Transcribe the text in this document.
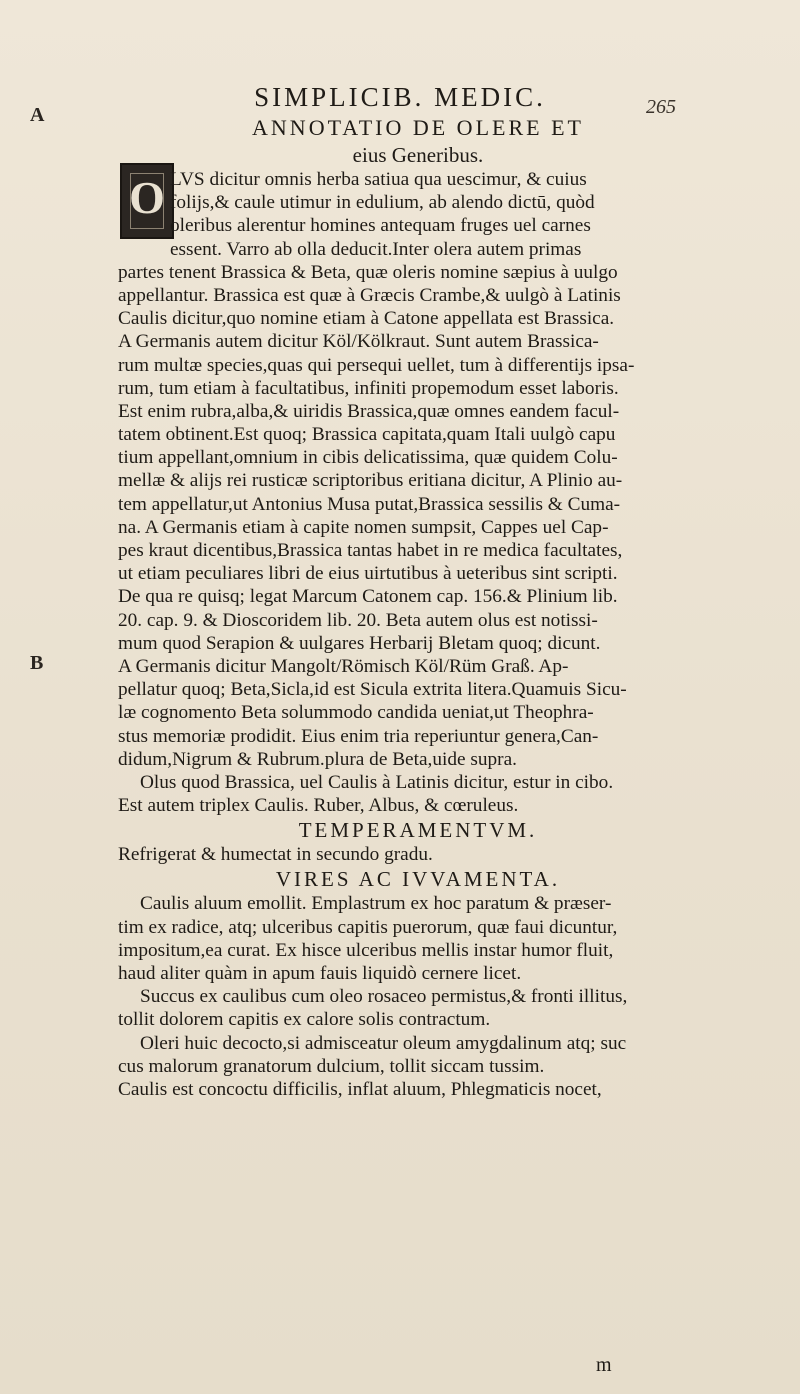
A
B
SIMPLICIB. MEDIC.	265
O
ANNOTATIO DE OLERE ET
eius Generibus.
LVS dicitur omnis herba satiua qua uescimur, & cuius
folijs,& caule utimur in edulium, ab alendo dictū, quòd
oleribus alerentur homines antequam fruges uel carnes
essent. Varro ab olla deducit.Inter olera autem primas
partes tenent Brassica & Beta, quæ oleris nomine sæpius à uulgo
appellantur. Brassica est quæ à Græcis Crambe,& uulgò à Latinis
Caulis dicitur,quo nomine etiam à Catone appellata est Brassica.
A Germanis autem dicitur Köl/Kölkraut. Sunt autem Brassica-
rum multæ species,quas qui persequi uellet, tum à differentijs ipsa-
rum, tum etiam à facultatibus, infiniti propemodum esset laboris.
Est enim rubra,alba,& uiridis Brassica,quæ omnes eandem facul-
tatem obtinent.Est quoq; Brassica capitata,quam Itali uulgò capu
tium appellant,omnium in cibis delicatissima, quæ quidem Colu-
mellæ & alijs rei rusticæ scriptoribus eritiana dicitur, A Plinio au-
tem appellatur,ut Antonius Musa putat,Brassica sessilis & Cuma-
na. A Germanis etiam à capite nomen sumpsit, Cappes uel Cap-
pes kraut dicentibus,Brassica tantas habet in re medica facultates,
ut etiam peculiares libri de eius uirtutibus à ueteribus sint scripti.
De qua re quisq; legat Marcum Catonem cap. 156.& Plinium lib.
20. cap. 9. & Dioscoridem lib. 20. Beta autem olus est notissi-
mum quod Serapion & uulgares Herbarij Bletam quoq; dicunt.
A Germanis dicitur Mangolt/Römisch Köl/Rüm Graß. Ap-
pellatur quoq; Beta,Sicla,id est Sicula extrita litera.Quamuis Sicu-
læ cognomento Beta solummodo candida ueniat,ut Theophra-
stus memoriæ prodidit. Eius enim tria reperiuntur genera,Can-
didum,Nigrum & Rubrum.plura de Beta,uide supra.
Olus quod Brassica, uel Caulis à Latinis dicitur, estur in cibo.
Est autem triplex Caulis. Ruber, Albus, & cœruleus.
TEMPERAMENTVM.
Refrigerat & humectat in secundo gradu.
VIRES AC IVVAMENTA.
Caulis aluum emollit. Emplastrum ex hoc paratum & præser-
tim ex radice, atq; ulceribus capitis puerorum, quæ faui dicuntur,
impositum,ea curat. Ex hisce ulceribus mellis instar humor fluit,
haud aliter quàm in apum fauis liquidò cernere licet.
Succus ex caulibus cum oleo rosaceo permistus,& fronti illitus,
tollit dolorem capitis ex calore solis contractum.
Oleri huic decocto,si admisceatur oleum amygdalinum atq; suc
cus malorum granatorum dulcium, tollit siccam tussim.
Caulis est concoctu difficilis, inflat aluum, Phlegmaticis nocet,
m
